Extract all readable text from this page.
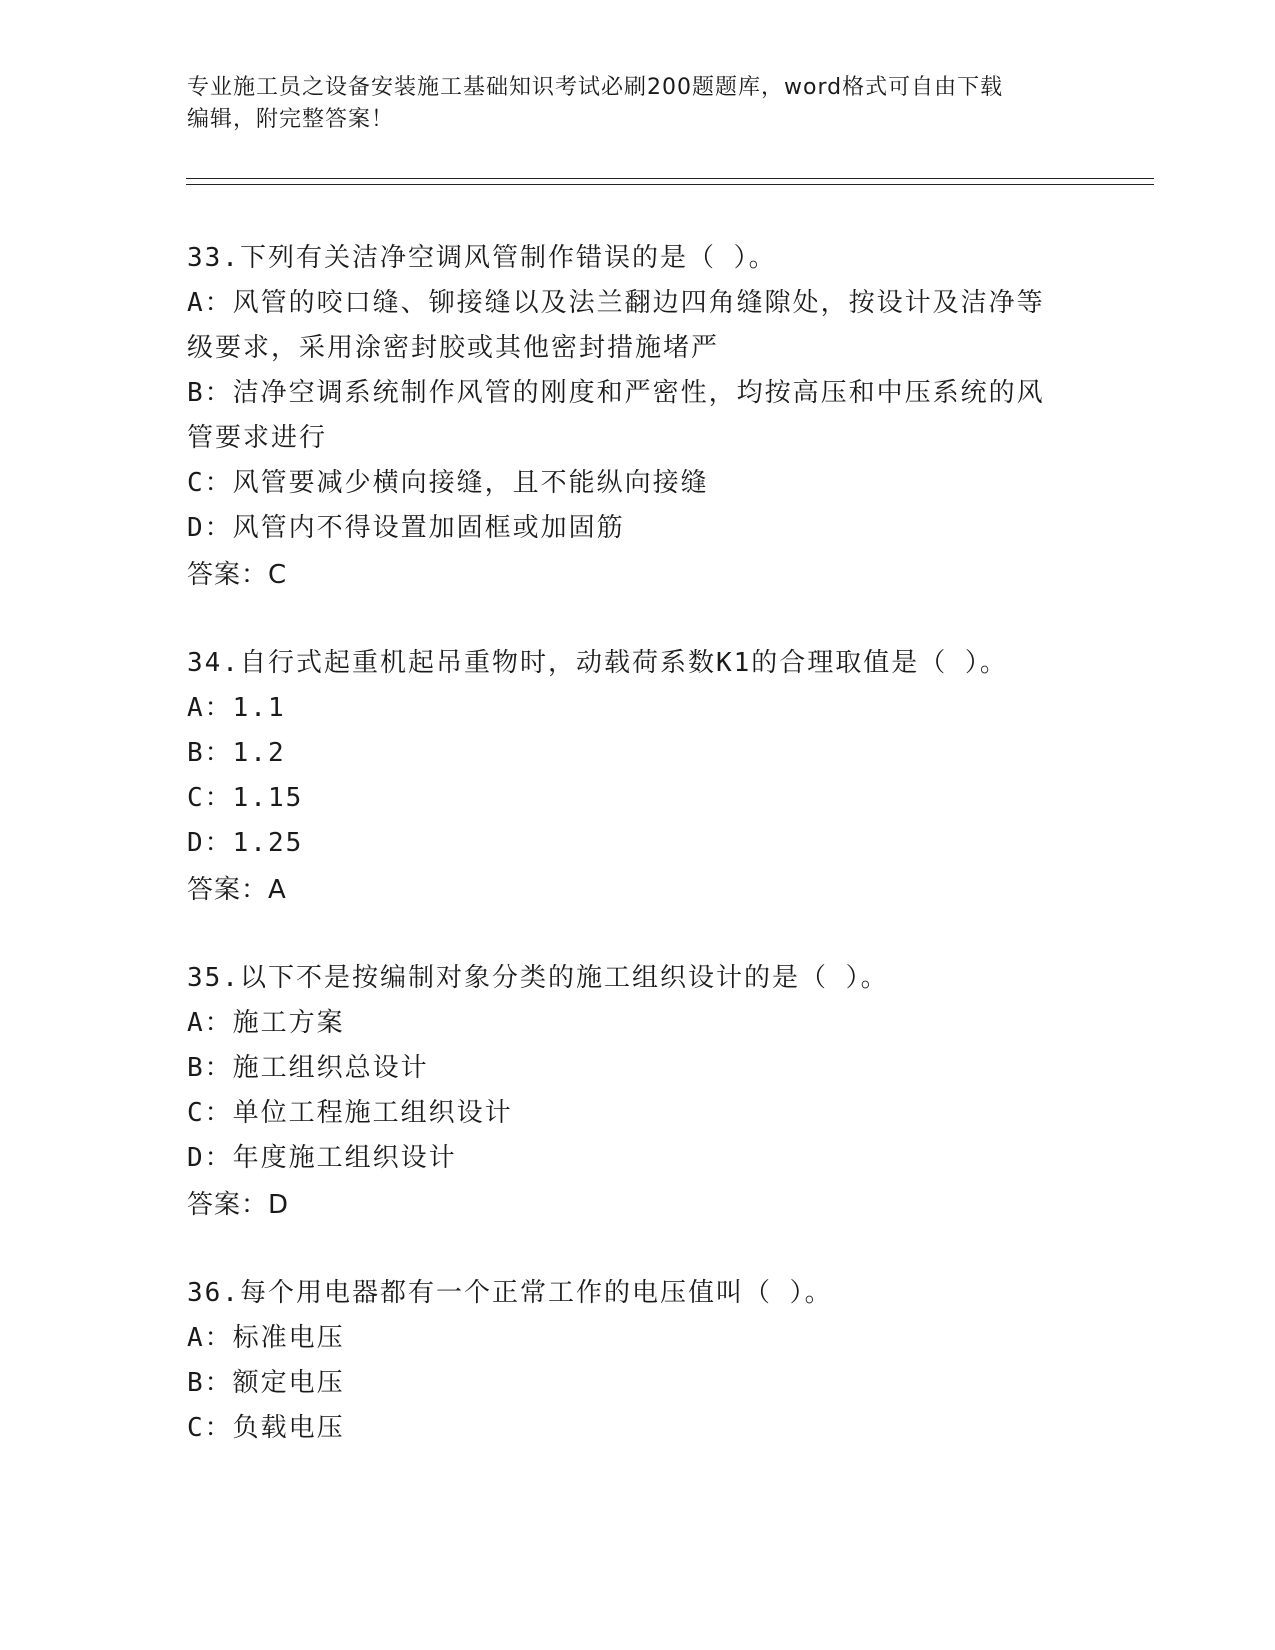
专业施工员之设备安装施工基础知识考试必刷200题题库，word格式可自由下载
编辑，附完整答案！
33.下列有关洁净空调风管制作错误的是（ ）。
A：风管的咬口缝、铆接缝以及法兰翻边四角缝隙处，按设计及洁净等
级要求，采用涂密封胶或其他密封措施堵严
B：洁净空调系统制作风管的刚度和严密性，均按高压和中压系统的风
管要求进行
C：风管要减少横向接缝，且不能纵向接缝
D：风管内不得设置加固框或加固筋
答案：C
34.自行式起重机起吊重物时，动载荷系数K1的合理取值是（ ）。
A：1.1
B：1.2
C：1.15
D：1.25
答案：A
35.以下不是按编制对象分类的施工组织设计的是（ ）。
A：施工方案
B：施工组织总设计
C：单位工程施工组织设计
D：年度施工组织设计
答案：D
36.每个用电器都有一个正常工作的电压值叫（ ）。
A：标准电压
B：额定电压
C：负载电压
